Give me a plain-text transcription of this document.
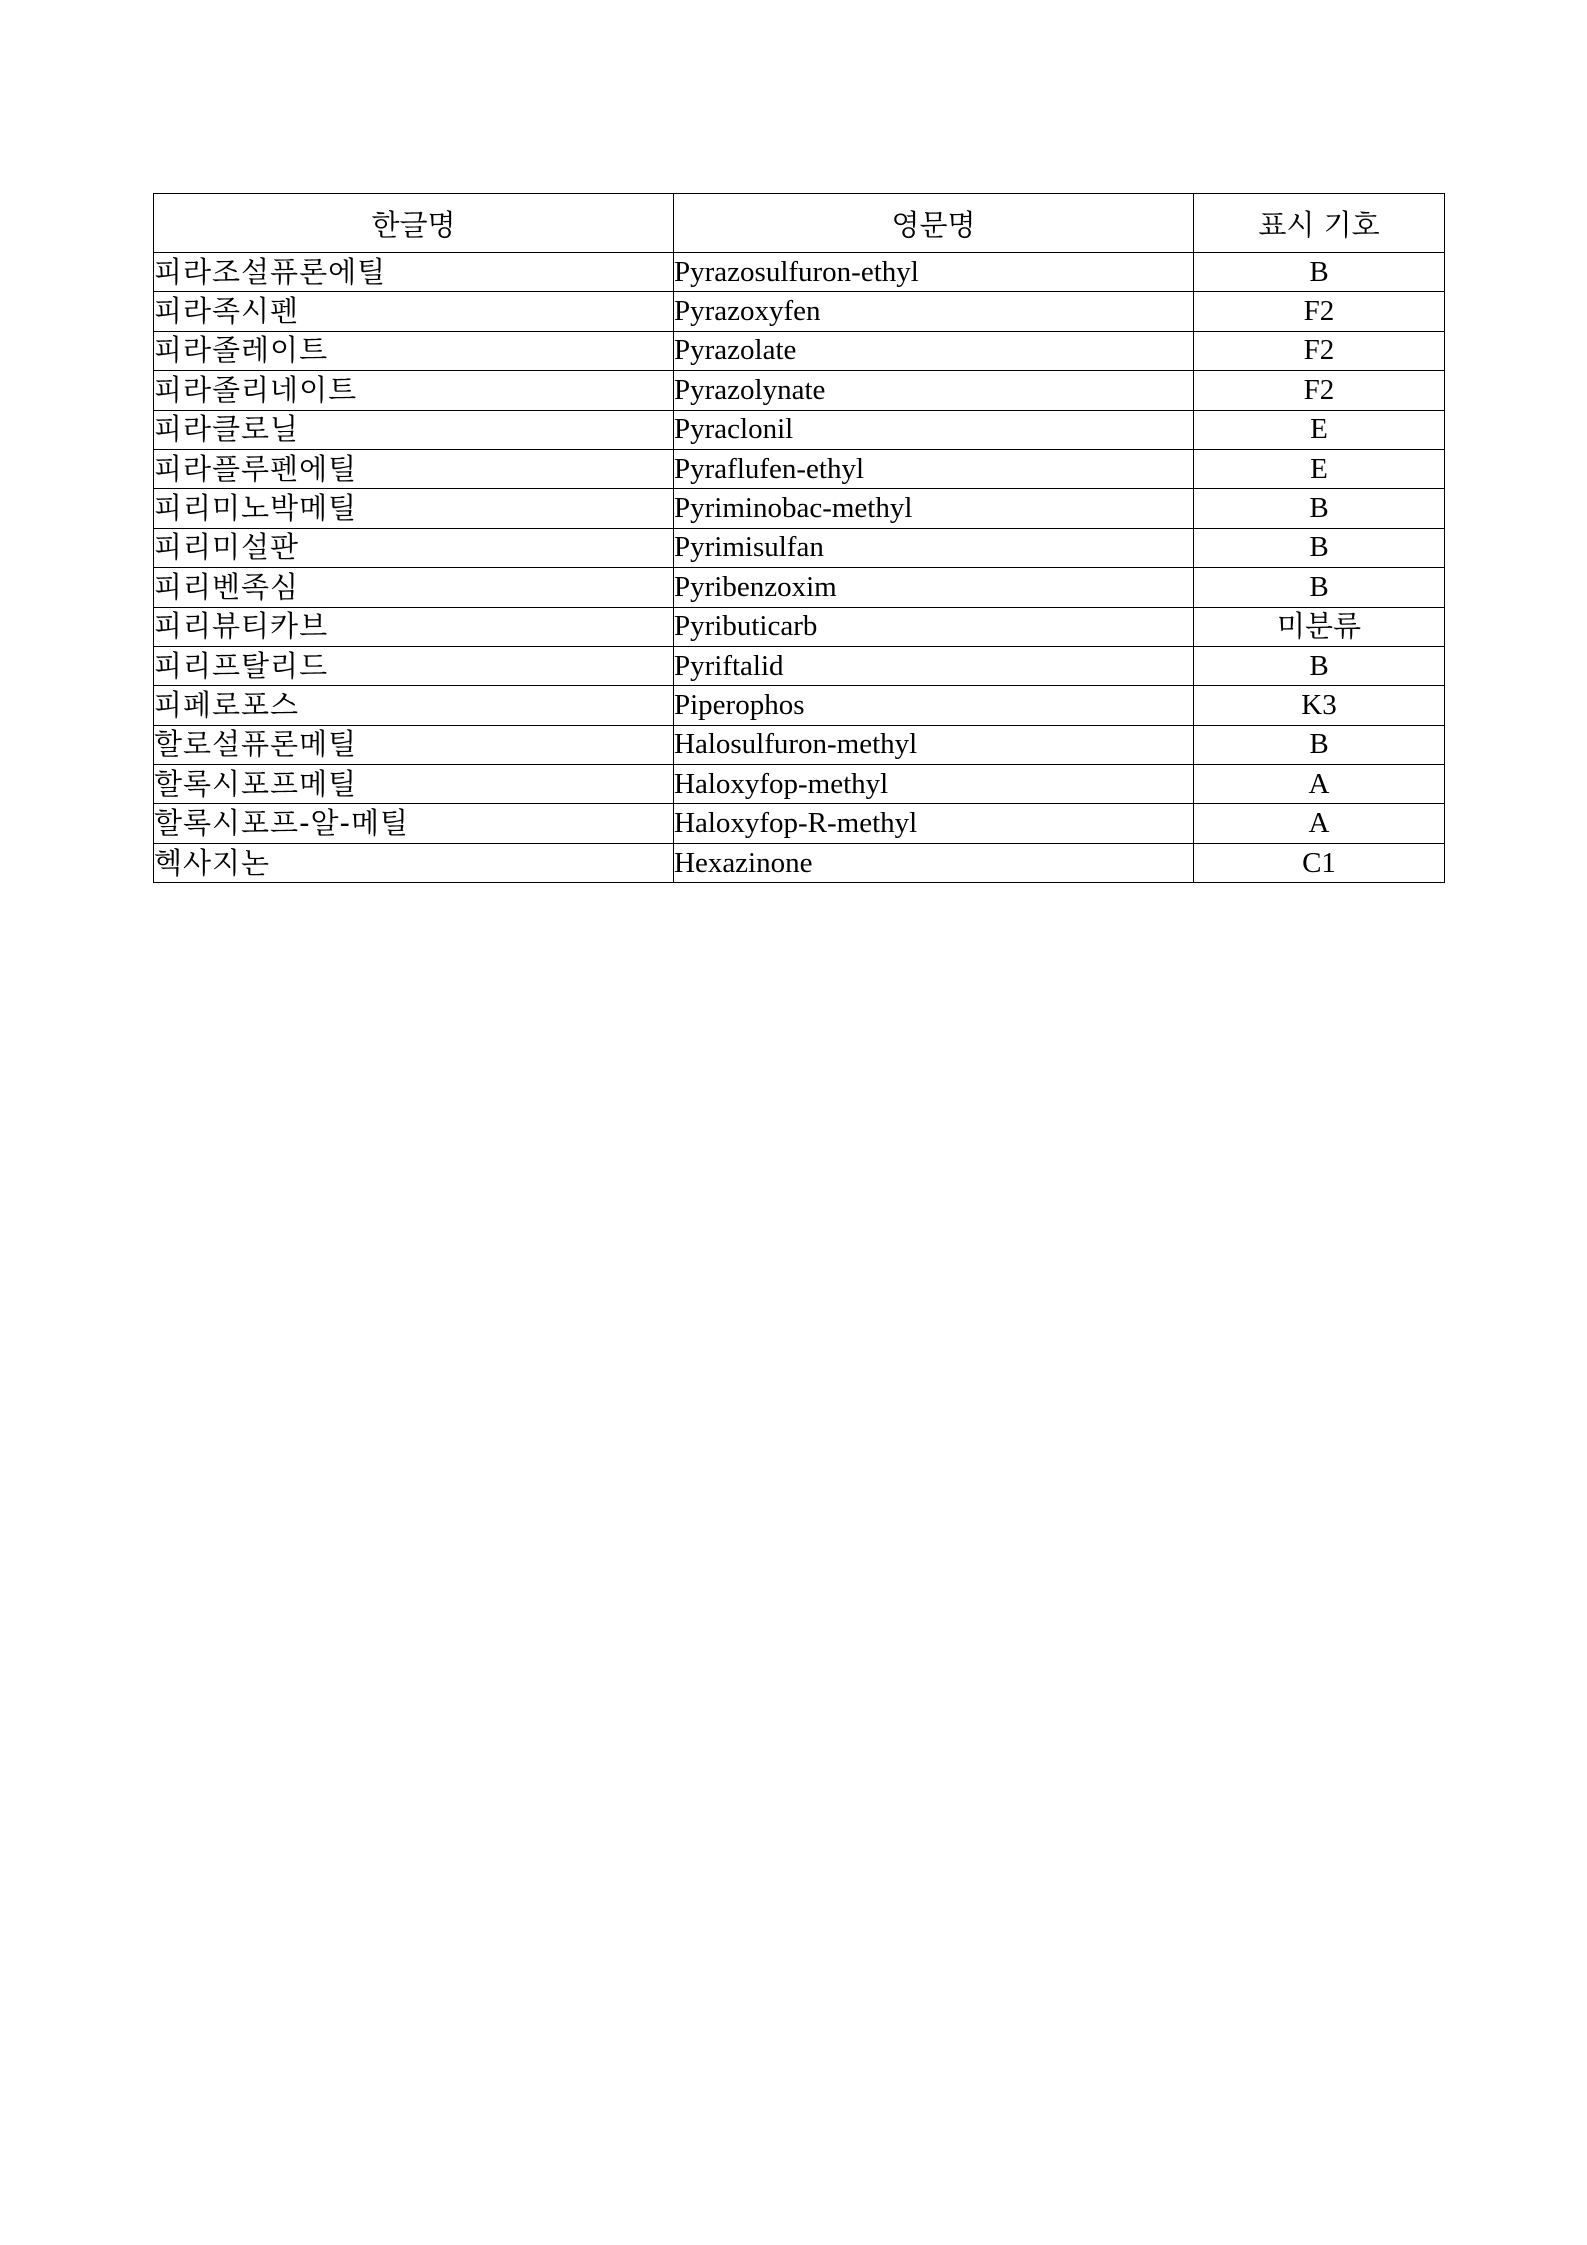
한글명	영문명	표시 기호
피라조설퓨론에틸	Pyrazosulfuron-ethyl	B
피라족시펜	Pyrazoxyfen	F2
피라졸레이트	Pyrazolate	F2
피라졸리네이트	Pyrazolynate	F2
피라클로닐	Pyraclonil	E
피라플루펜에틸	Pyraflufen-ethyl	E
피리미노박메틸	Pyriminobac-methyl	B
피리미설판	Pyrimisulfan	B
피리벤족심	Pyribenzoxim	B
피리뷰티카브	Pyributicarb	미분류
피리프탈리드	Pyriftalid	B
피페로포스	Piperophos	K3
할로설퓨론메틸	Halosulfuron-methyl	B
할록시포프메틸	Haloxyfop-methyl	A
할록시포프-알-메틸	Haloxyfop-R-methyl	A
헥사지논	Hexazinone	C1
